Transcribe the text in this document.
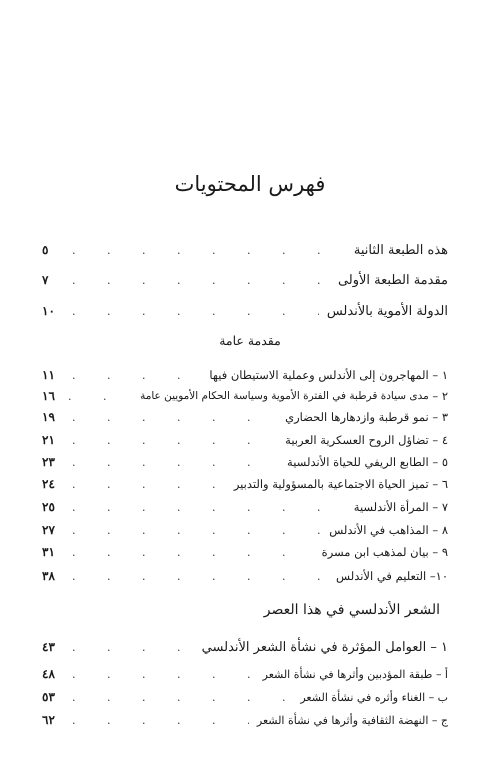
فهرس المحتويات
هذه الطبعة الثانية
. . .
٥
مقدمة الطبعة الأولى
. . .
٧
الدولة الأموية بالأندلس
. . .
١٠
مقدمة عامة
١ –

المهاجرون إلى الأندلس وعملية الاستيطان فيها
. . .
١١
٢ –

مدى سيادة قرطبة في الفترة الأموية وسياسة الحكام الأمويين عامة
. . .
١٦
٣ –

نمو قرطبة وازدهارها الحضاري
. . .
١٩
٤ –

تضاؤل الروح العسكرية العربية
. . .
٢١
٥ –

الطابع الريفي للحياة الأندلسية
. . .
٢٣
٦ –

تميز الحياة الاجتماعية بالمسؤولية والتدبير
. . .
٢٤
٧ –

المرأة الأندلسية
. . .
٢٥
٨ –

المذاهب في الأندلس
. . .
٢٧
٩ –

بيان لمذهب ابن مسرة
. . .
٣١
١٠–

التعليم في الأندلس
. . .
٣٨
الشعر الأندلسي في هذا العصر
١ –

العوامل المؤثرة في نشأة الشعر الأندلسي
. . .
٤٣
أ –

طبقة المؤدبين وأثرها في نشأة الشعر
. . .
٤٨
ب –

الغناء وأثره في نشأة الشعر
. . .
٥٣
ج –

النهضة الثقافية وأثرها في نشأة الشعر
. . .
٦٢
